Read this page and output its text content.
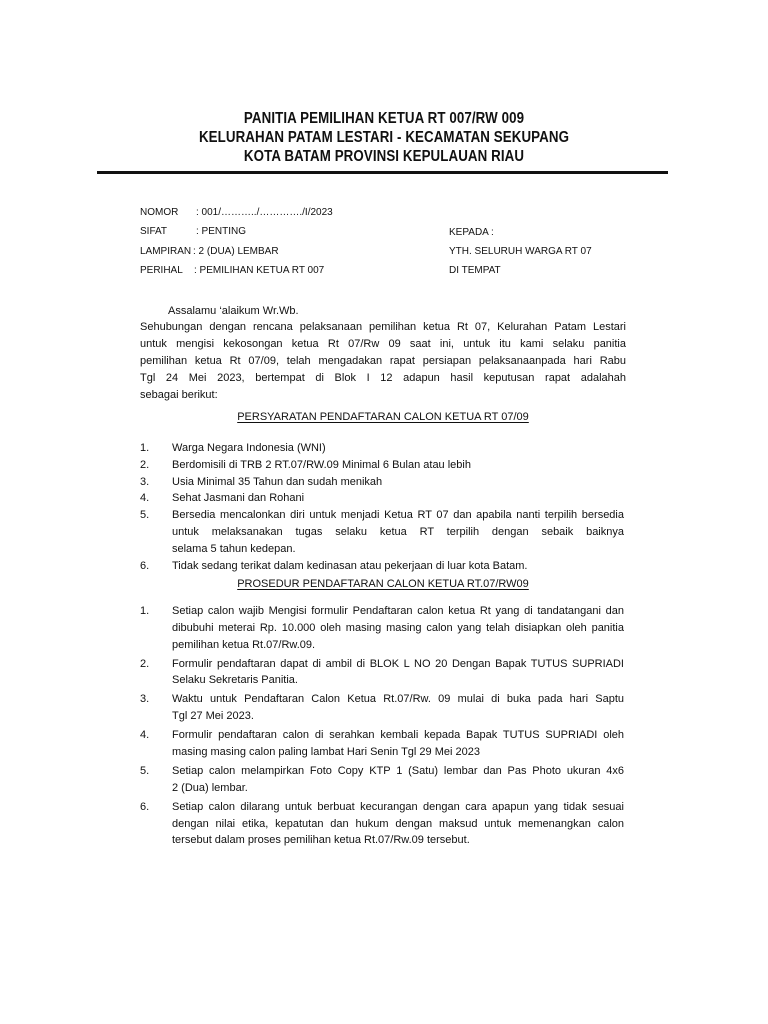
PANITIA PEMILIHAN KETUA RT 007/RW 009
KELURAHAN PATAM LESTARI - KECAMATAN SEKUPANG
KOTA BATAM PROVINSI KEPULAUAN RIAU
NOMOR : 001/………../…………./I/2023
SIFAT	: PENTING	KEPADA :
LAMPIRAN : 2 (DUA) LEMBAR	YTH. SELURUH WARGA RT 07
PERIHAL : PEMILIHAN KETUA RT 007	DI TEMPAT
Assalamu ‘alaikum Wr.Wb.
Sehubungan dengan rencana pelaksanaan pemilihan ketua Rt 07, Kelurahan Patam Lestari
untuk mengisi kekosongan ketua Rt 07/Rw 09 saat ini, untuk itu kami selaku panitia
pemilihan ketua Rt 07/09, telah mengadakan rapat persiapan pelaksanaanpada hari Rabu
Tgl 24 Mei 2023, bertempat di Blok I 12 adapun hasil keputusan rapat adalahah
sebagai berikut:
PERSYARATAN PENDAFTARAN CALON KETUA RT 07/09
1.	Warga Negara Indonesia (WNI)
2.	Berdomisili di TRB 2 RT.07/RW.09 Minimal 6 Bulan atau lebih
3.	Usia Minimal 35 Tahun dan sudah menikah
4.	Sehat Jasmani dan Rohani
5.	Bersedia mencalonkan diri untuk menjadi Ketua RT 07 dan apabila nanti terpilih bersedia
untuk melaksanakan tugas selaku ketua RT terpilih dengan sebaik baiknya
selama 5 tahun kedepan.
6.	Tidak sedang terikat dalam kedinasan atau pekerjaan di luar kota Batam.
PROSEDUR PENDAFTARAN CALON KETUA RT.07/RW09
1.	Setiap calon wajib Mengisi formulir Pendaftaran calon ketua Rt yang di tandatangani dan
dibubuhi meterai Rp. 10.000 oleh masing masing calon yang telah disiapkan oleh panitia
pemilihan ketua Rt.07/Rw.09.
2.	Formulir pendaftaran dapat di ambil di BLOK L NO 20 Dengan Bapak TUTUS SUPRIADI
Selaku Sekretaris Panitia.
3.	Waktu untuk Pendaftaran Calon Ketua Rt.07/Rw. 09 mulai di buka pada hari Saptu
Tgl 27 Mei 2023.
4.	Formulir pendaftaran calon di serahkan kembali kepada Bapak TUTUS SUPRIADI oleh
masing masing calon paling lambat Hari Senin Tgl 29 Mei 2023
5.	Setiap calon melampirkan Foto Copy KTP 1 (Satu) lembar dan Pas Photo ukuran 4x6
2 (Dua) lembar.
6.	Setiap calon dilarang untuk berbuat kecurangan dengan cara apapun yang tidak sesuai
dengan nilai etika, kepatutan dan hukum dengan maksud untuk memenangkan calon
tersebut dalam proses pemilihan ketua Rt.07/Rw.09 tersebut.
